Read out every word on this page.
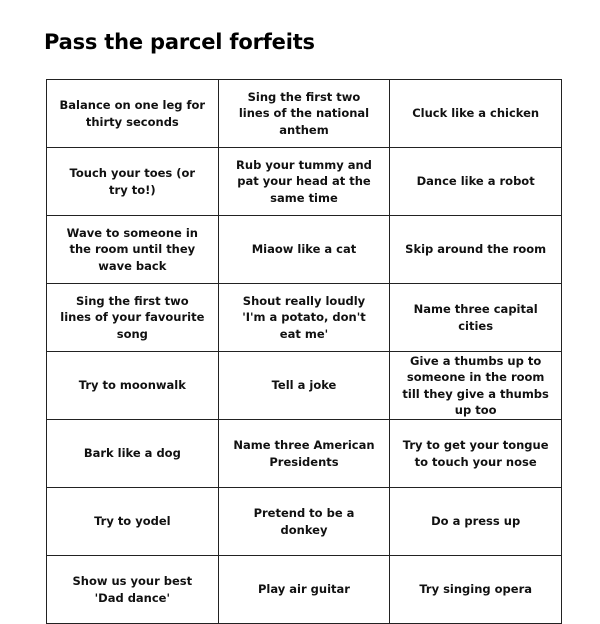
Pass the parcel forfeits
Balance on one leg for thirty seconds	Sing the first two lines of the national anthem	Cluck like a chicken
Touch your toes (or try to!)	Rub your tummy and pat your head at the same time	Dance like a robot
Wave to someone in the room until they wave back	Miaow like a cat	Skip around the room
Sing the first two lines of your favourite song	Shout really loudly 'I'm a potato, don't eat me'	Name three capital cities
Try to moonwalk	Tell a joke	Give a thumbs up to someone in the room till they give a thumbs up too
Bark like a dog	Name three American Presidents	Try to get your tongue to touch your nose
Try to yodel	Pretend to be a donkey	Do a press up
Show us your best 'Dad dance'	Play air guitar	Try singing opera
